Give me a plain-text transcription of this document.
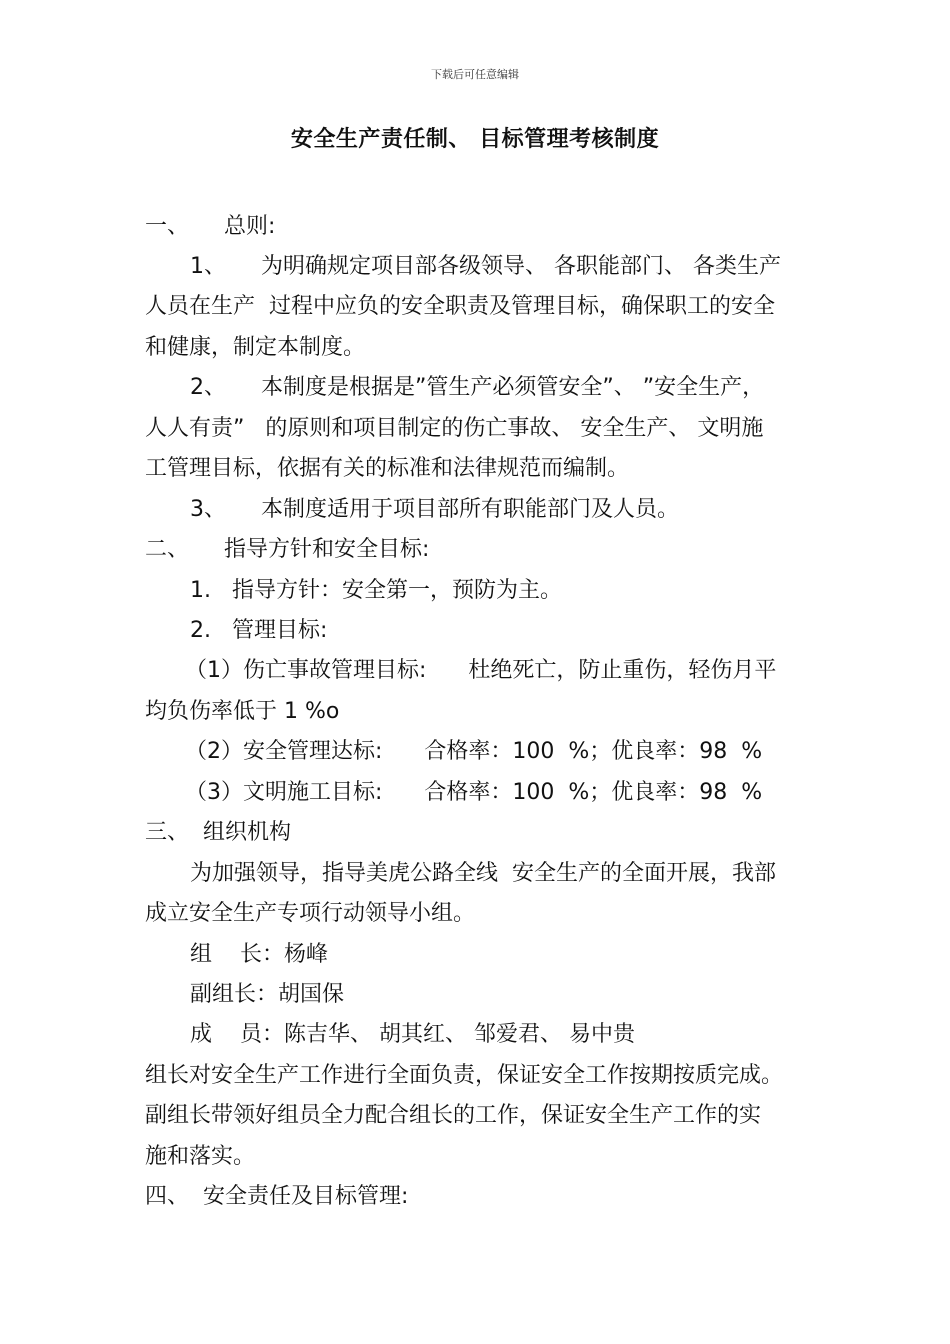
下载后可任意编辑
安全生产责任制、 目标管理考核制度
一、     总则:
1、     为明确规定项目部各级领导、 各职能部门、 各类生产
人员在生产  过程中应负的安全职责及管理目标，确保职工的安全
和健康，制定本制度。
2、     本制度是根据是”管生产必须管安全”、 ”安全生产，
人人有责”   的原则和项目制定的伤亡事故、 安全生产、 文明施
工管理目标，依据有关的标准和法律规范而编制。
3、     本制度适用于项目部所有职能部门及人员。
二、     指导方针和安全目标:
1.   指导方针：安全第一，预防为主。
2.   管理目标:
（1）伤亡事故管理目标:      杜绝死亡，防止重伤，轻伤月平
均负伤率低于 1 %o
（2）安全管理达标:      合格率：100  %；优良率：98  %
（3）文明施工目标:      合格率：100  %；优良率：98  %
三、  组织机构
为加强领导，指导美虎公路全线  安全生产的全面开展，我部
成立安全生产专项行动领导小组。
组    长：杨峰
副组长：胡国保
成    员：陈吉华、 胡其红、 邹爱君、 易中贵
组长对安全生产工作进行全面负责，保证安全工作按期按质完成。
副组长带领好组员全力配合组长的工作，保证安全生产工作的实
施和落实。
四、  安全责任及目标管理:
